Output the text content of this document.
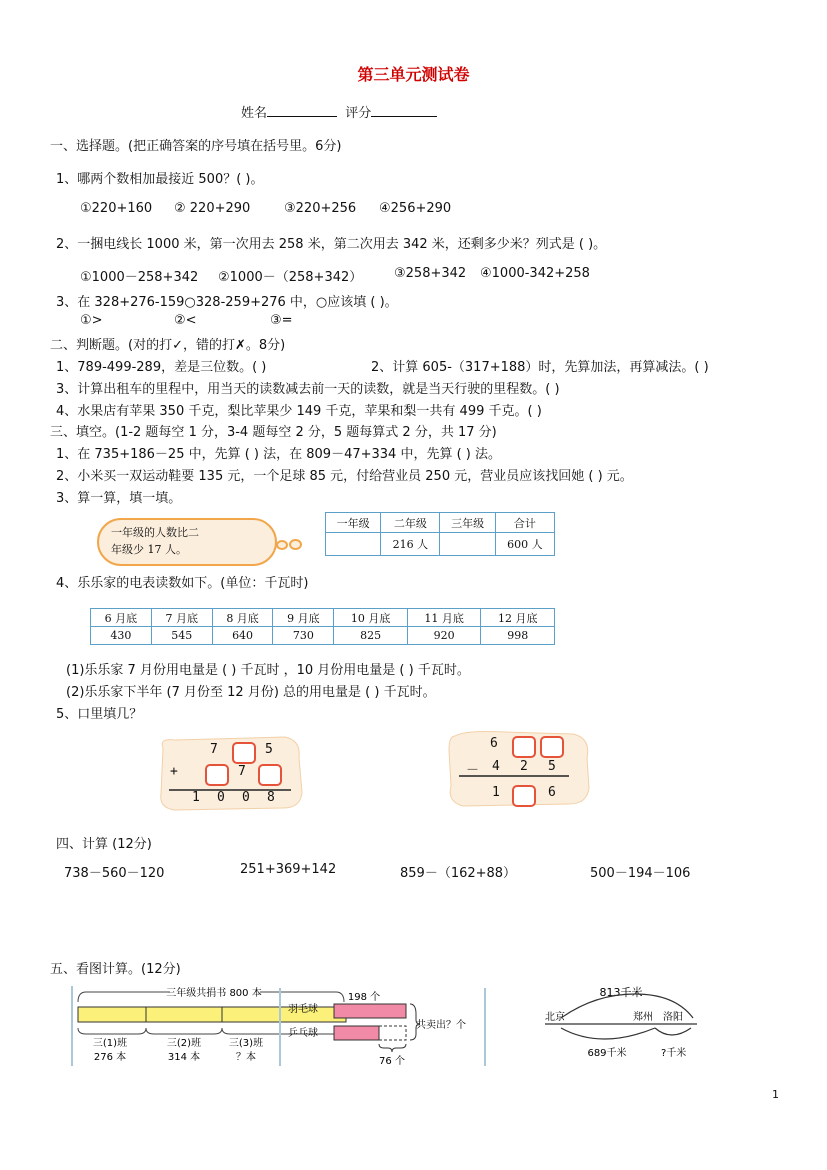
第三单元测试卷
姓名	评分
一、选择题。(把正确答案的序号填在括号里。6分)
1、哪两个数相加最接近 500？( )。
①220+160 ② 220+290	③220+256 ④256+290
2、一捆电线长 1000 米，第一次用去 258 米，第二次用去 342 米，还剩多少米？列式是 ( )。
①1000－258+342 ②1000－（258+342） ③258+342 ④1000-342+258
3、在 328+276-159○328-259+276 中，○应该填 ( )。
①>	②<	③=
二、判断题。(对的打✓，错的打✗。8分)
1、789-499-289，差是三位数。( )	2、计算 605-（317+188）时，先算加法，再算减法。( )
3、计算出租车的里程中，用当天的读数减去前一天的读数，就是当天行驶的里程数。( )
4、水果店有苹果 350 千克，梨比苹果少 149 千克，苹果和梨一共有 499 千克。( )
三、填空。(1-2 题每空 1 分，3-4 题每空 2 分，5 题每算式 2 分，共 17 分)
1、在 735+186－25 中，先算 ( ) 法，在 809－47+334 中，先算 ( ) 法。
2、小米买一双运动鞋要 135 元，一个足球 85 元，付给营业员 250 元，营业员应该找回她 ( ) 元。
3、算一算，填一填。
一年级的人数比二
年级少 17 人。
一年级	二年级	三年级	合计
	216 人		600 人
4、乐乐家的电表读数如下。(单位：千瓦时)
6 月底	7 月底	8 月底	9 月底	10 月底	11 月底	12 月底
430	545	640	730	825	920	998
(1)乐乐家 7 月份用电量是 ( ) 千瓦时 ，10 月份用电量是 ( ) 千瓦时。
(2)乐乐家下半年 (7 月份至 12 月份) 总的用电量是 ( ) 千瓦时。
5、口里填几？
7	5
+	7
1 0 0 8
6
－ 4 2 5
1	6
四、计算 (12分)
738－560－120	251+369+142	859－（162+88）	500－194－106
五、看图计算。(12分)
三年级共捐书 800 本
三(1)班
276 本
三(2)班
314 本
三(3)班
？本
羽毛球
乒乓球
198 个
共卖出？个
76 个
813千米
北京	郑州 洛阳
689千米	?千米
1
